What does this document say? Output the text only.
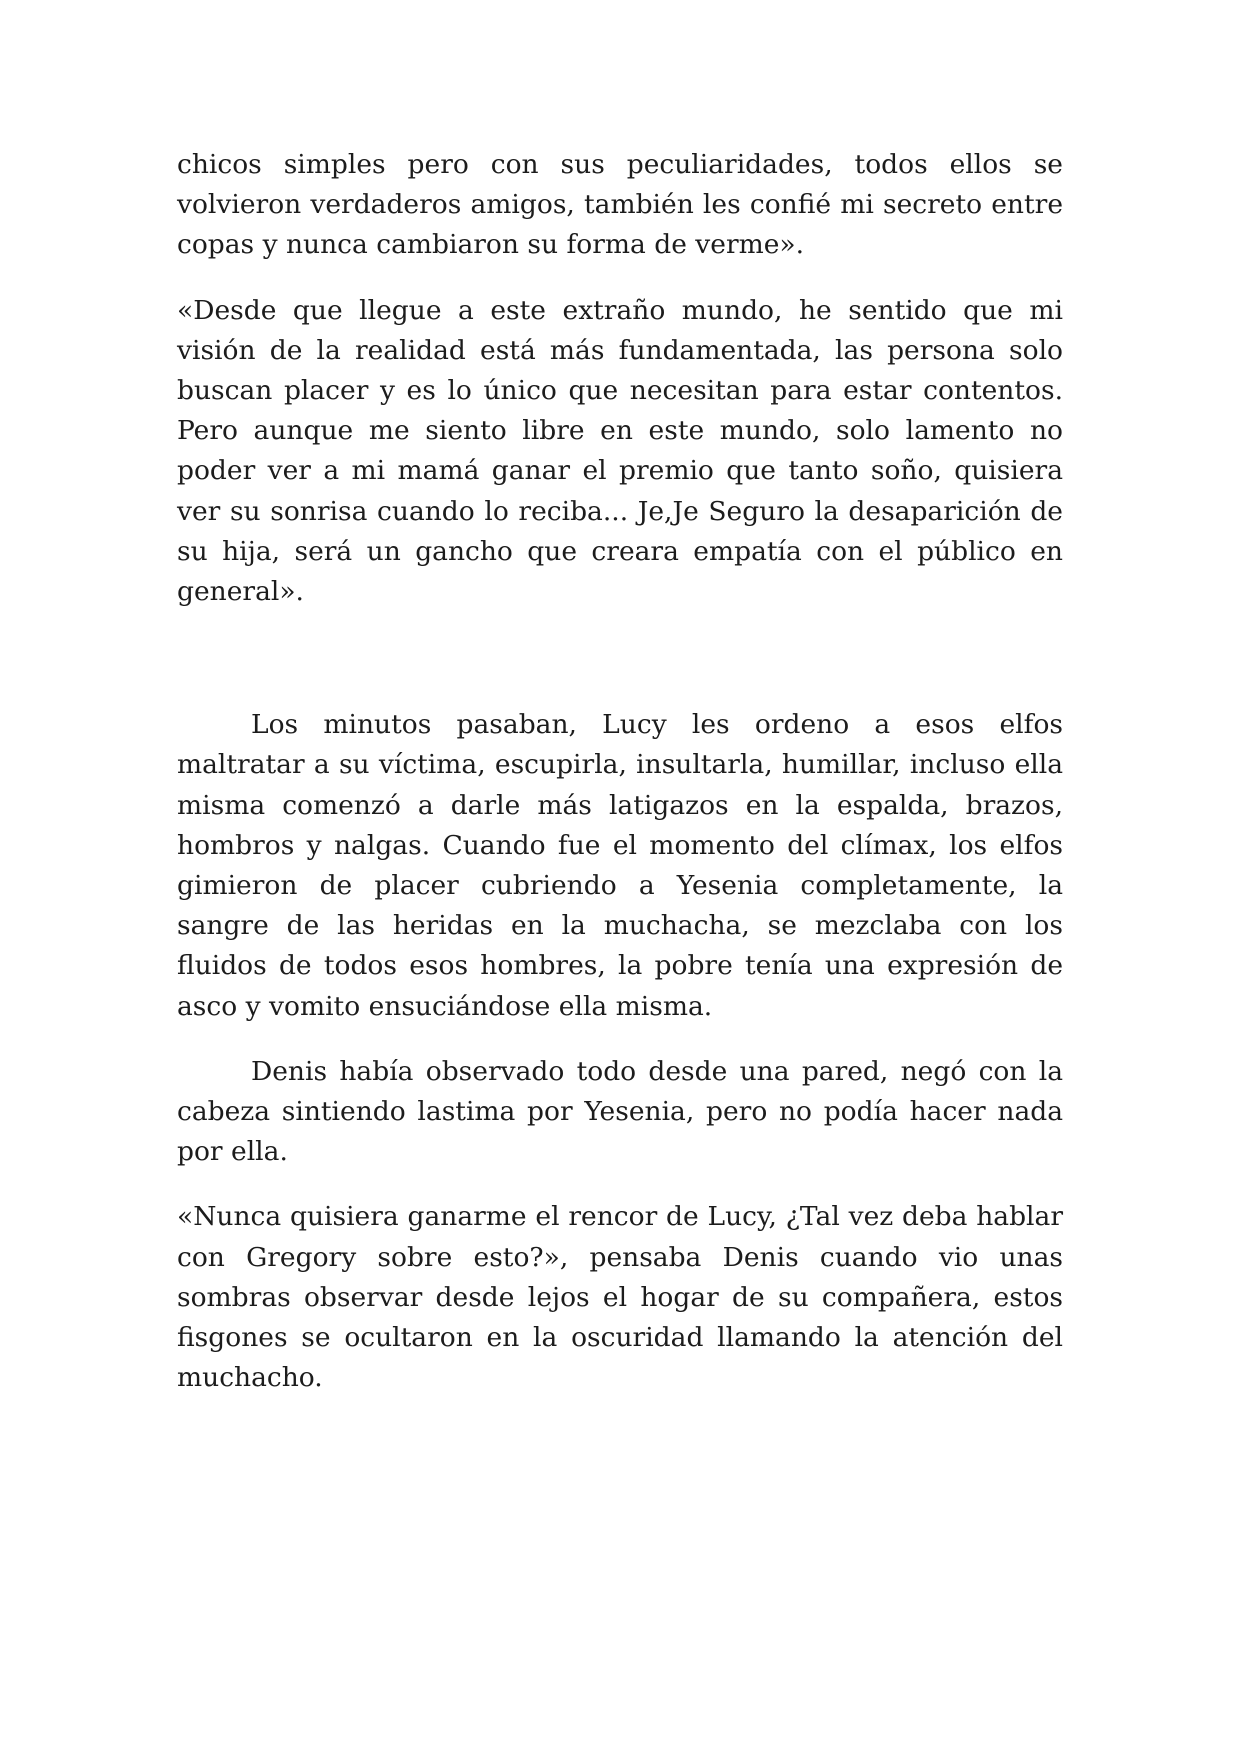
chicos simples pero con sus peculiaridades, todos ellos se volvieron verdaderos amigos, también les confié mi secreto entre copas y nunca cambiaron su forma de verme».

«Desde que llegue a este extraño mundo, he sentido que mi visión de la realidad está más fundamentada, las persona solo buscan placer y es lo único que necesitan para estar contentos. Pero aunque me siento libre en este mundo, solo lamento no poder ver a mi mamá ganar el premio que tanto soño, quisiera ver su sonrisa cuando lo reciba... Je,Je Seguro la desaparición de su hija, será un gancho que creara empatía con el público en general».

Los minutos pasaban, Lucy les ordeno a esos elfos maltratar a su víctima, escupirla, insultarla, humillar, incluso ella misma comenzó a darle más latigazos en la espalda, brazos, hombros y nalgas. Cuando fue el momento del clímax, los elfos gimieron de placer cubriendo a Yesenia completamente, la sangre de las heridas en la muchacha, se mezclaba con los fluidos de todos esos hombres, la pobre tenía una expresión de asco y vomito ensuciándose ella misma.

Denis había observado todo desde una pared, negó con la cabeza sintiendo lastima por Yesenia, pero no podía hacer nada por ella.

«Nunca quisiera ganarme el rencor de Lucy, ¿Tal vez deba hablar con Gregory sobre esto?», pensaba Denis cuando vio unas sombras observar desde lejos el hogar de su compañera, estos fisgones se ocultaron en la oscuridad llamando la atención del muchacho.
